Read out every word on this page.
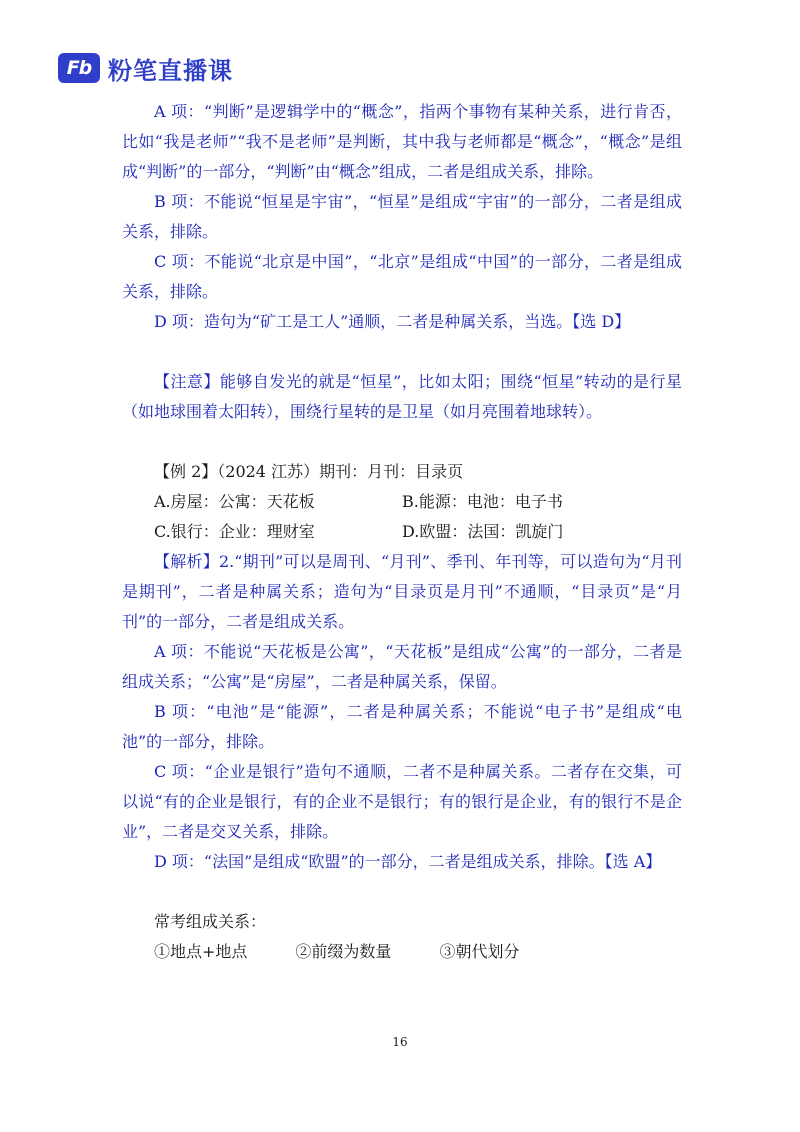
Fb 粉笔直播课

A 项：“判断”是逻辑学中的“概念”，指两个事物有某种关系，进行肯否，比如“我是老师”“我不是老师”是判断，其中我与老师都是“概念”，“概念”是组成“判断”的一部分，“判断”由“概念”组成，二者是组成关系，排除。

B 项：不能说“恒星是宇宙”，“恒星”是组成“宇宙”的一部分，二者是组成关系，排除。

C 项：不能说“北京是中国”，“北京”是组成“中国”的一部分，二者是组成关系，排除。

D 项：造句为“矿工是工人”通顺，二者是种属关系，当选。【选 D】

【注意】能够自发光的就是“恒星”，比如太阳；围绕“恒星”转动的是行星（如地球围着太阳转），围绕行星转的是卫星（如月亮围着地球转）。

【例 2】（2024 江苏）期刊：月刊：目录页

A.房屋：公寓：天花板	B.能源：电池：电子书
C.银行：企业：理财室	D.欧盟：法国：凯旋门

【解析】2.“期刊”可以是周刊、“月刊”、季刊、年刊等，可以造句为“月刊是期刊”，二者是种属关系；造句为“目录页是月刊”不通顺，“目录页”是“月刊”的一部分，二者是组成关系。

A 项：不能说“天花板是公寓”，“天花板”是组成“公寓”的一部分，二者是组成关系；“公寓”是“房屋”，二者是种属关系，保留。

B 项：“电池”是“能源”，二者是种属关系；不能说“电子书”是组成“电池”的一部分，排除。

C 项：“企业是银行”造句不通顺，二者不是种属关系。二者存在交集，可以说“有的企业是银行，有的企业不是银行；有的银行是企业，有的银行不是企业”，二者是交叉关系，排除。

D 项：“法国”是组成“欧盟”的一部分，二者是组成关系，排除。【选 A】

常考组成关系：

①地点+地点	②前缀为数量	③朝代划分
16
